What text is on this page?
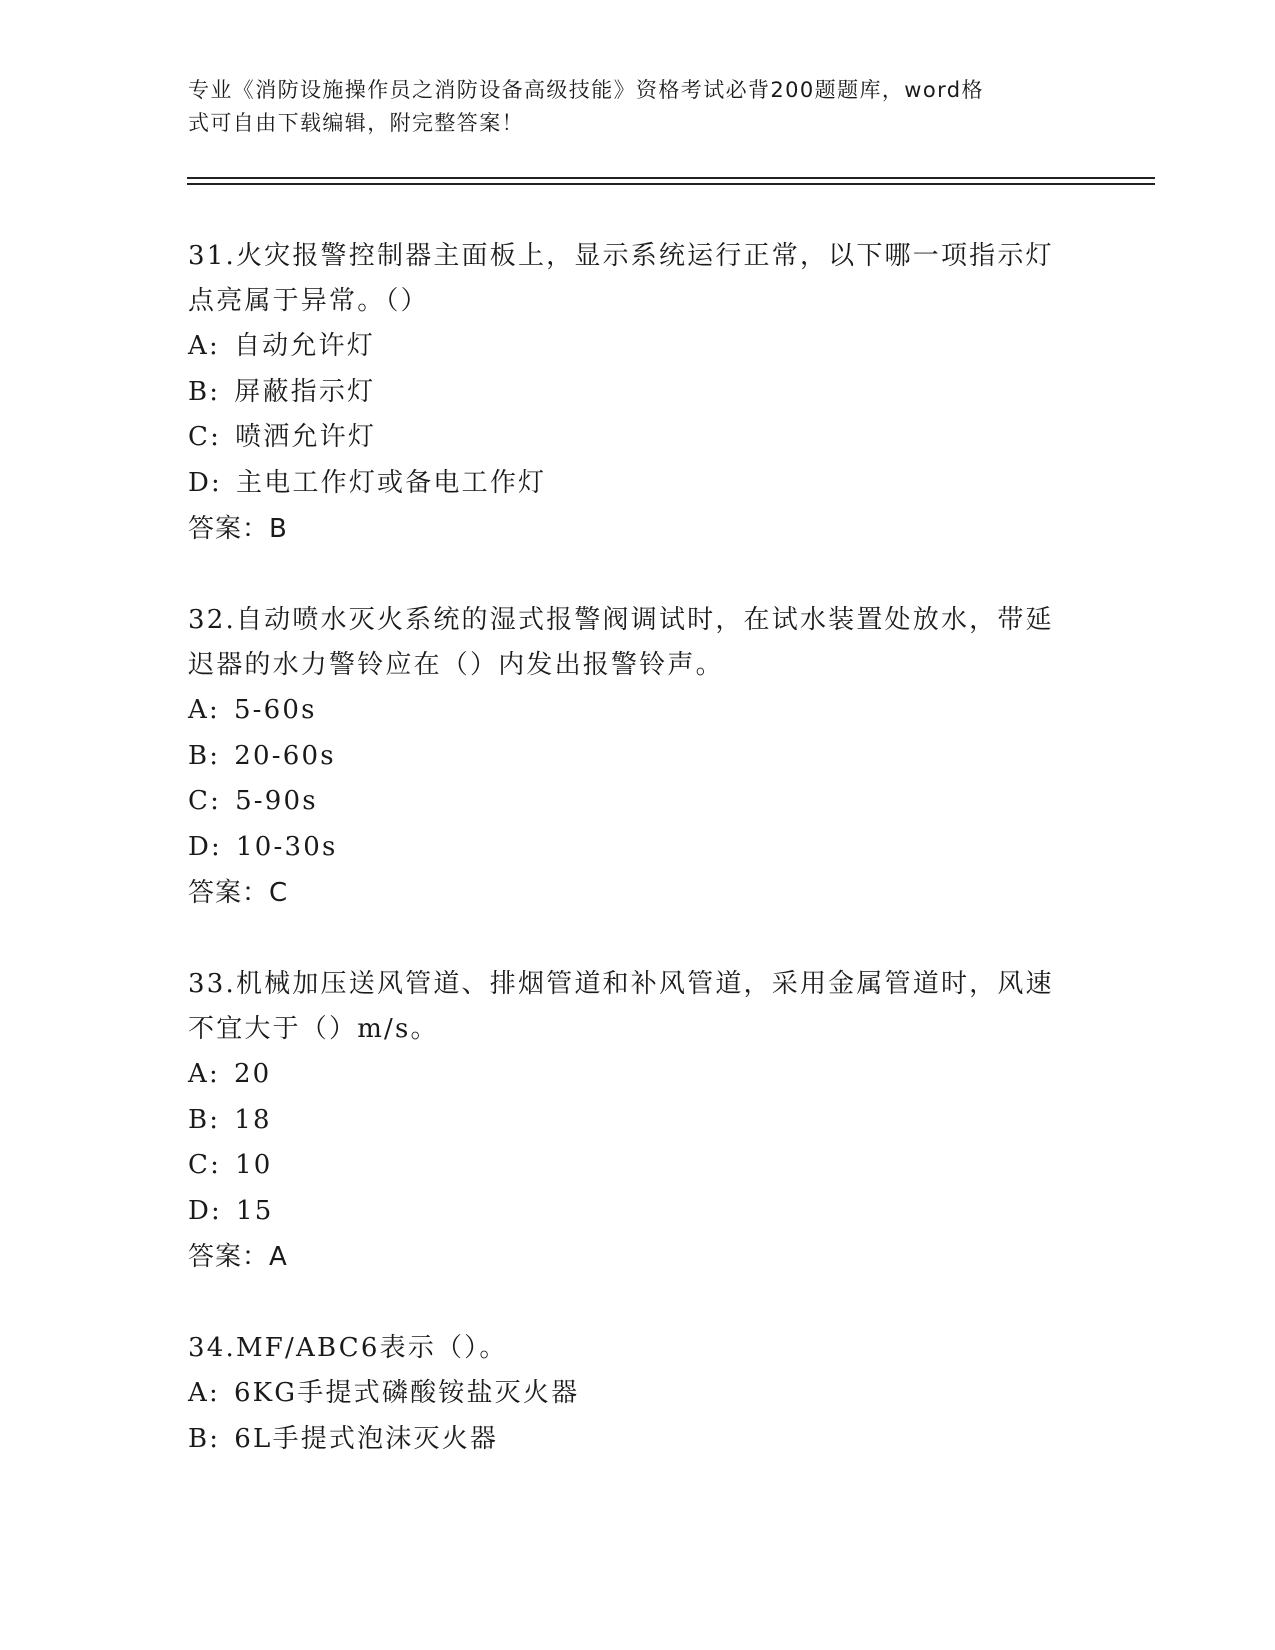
专业《消防设施操作员之消防设备高级技能》资格考试必背200题题库，word格
式可自由下载编辑，附完整答案！
31.火灾报警控制器主面板上，显示系统运行正常，以下哪一项指示灯
点亮属于异常。（）
A: 自动允许灯
B: 屏蔽指示灯
C: 喷洒允许灯
D: 主电工作灯或备电工作灯
答案：B
32.自动喷水灭火系统的湿式报警阀调试时，在试水装置处放水，带延
迟器的水力警铃应在（）内发出报警铃声。
A: 5-60s
B: 20-60s
C: 5-90s
D: 10-30s
答案：C
33.机械加压送风管道、排烟管道和补风管道，采用金属管道时，风速
不宜大于（）m/s。
A: 20
B: 18
C: 10
D: 15
答案：A
34.MF/ABC6表示（）。
A: 6KG手提式磷酸铵盐灭火器
B: 6L手提式泡沫灭火器
